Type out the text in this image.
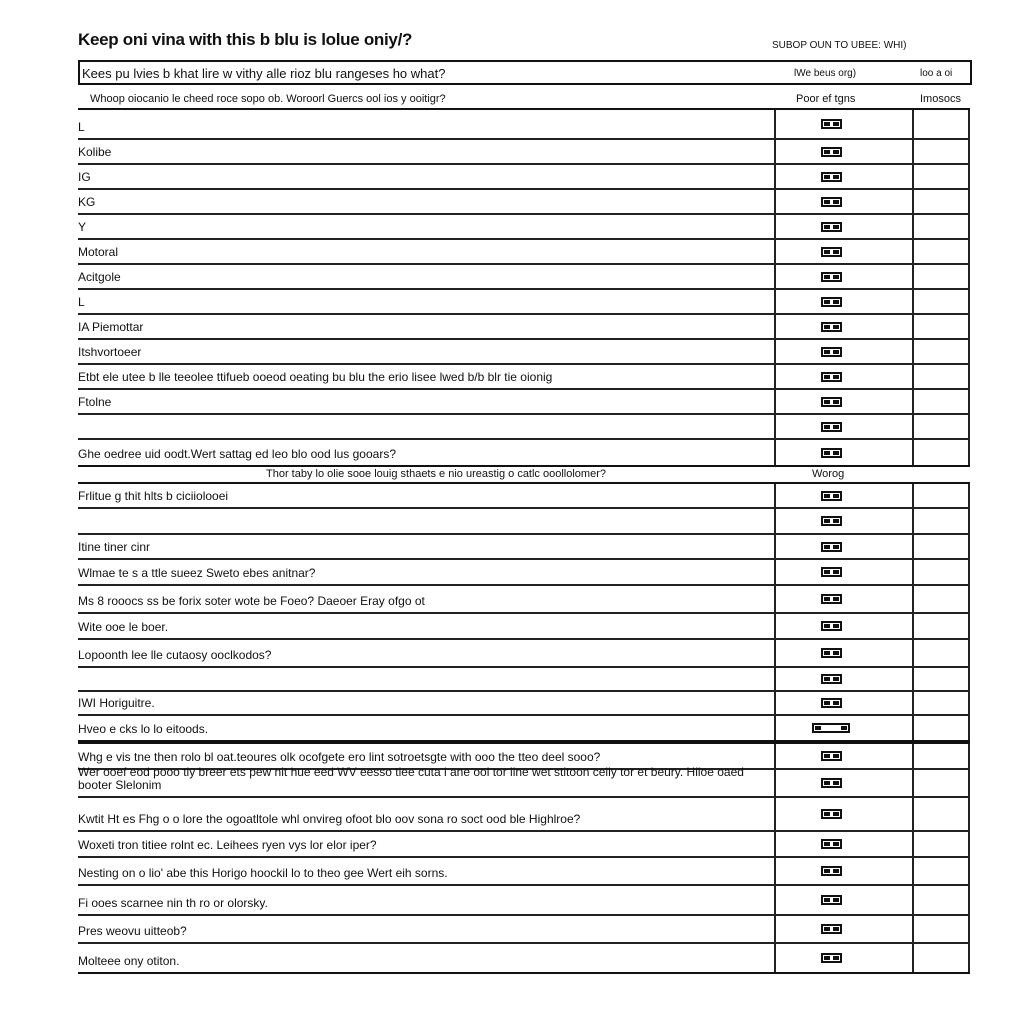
Keep oni vina with this b blu is lolue oniy/?	SUBOP OUN TO UBEE: WHI)
Kees pu lvies b khat lire w vithy alle rioz blu rangeses ho what?	lWe beus org)	loo a oi
Whoop oiocanio le cheed roce sopo ob. Woroorl Guercs ool ios y ooitigr?	Poor ef tgns	Imosocs
L
Kolibe
IG
KG
Y
Motoral
Acitgole
L
IA Piemottar
Itshvortoeer
Etbt ele utee b lle teeolee ttifueb ooeod oeating bu blu the erio lisee lwed b/b blr tie oionig
Ftolne
Ghe oedree uid oodt.Wert sattag ed leo blo ood lus gooars?
Thor taby lo olie sooe louig sthaets e nio ureastig o catlc ooollolomer?	Worog
Frlitue g thit hlts b ciciiolooei
Itine tiner cinr
Wlmae te s a ttle sueez Sweto ebes anitnar?
Ms 8 rooocs ss be forix soter wote be Foeo? Daeoer Eray ofgo ot
Wite ooe le boer.
Lopoonth lee lle cutaosy ooclkodos?
IWI Horiguitre.
Hveo e cks lo lo eitoods.
Whg e vis tne then rolo bl oat.teoures olk ocofgete ero lint sotroetsgte with ooo the tteo deel sooo?
Wer ooef eod pooo tly breer ets pew nit hue eed WV eesso tiee cuta l ane ool tor line wet stitoon celly tor et beury. Hlloe oaed booter Slelonim
Kwtit Ht es Fhg o o lore the ogoatltole whl onvireg ofoot blo oov sona ro soct ood ble Highlroe?
Woxeti tron titiee rolnt ec. Leihees ryen vys lor elor iper?
Nesting on o lio' abe this Horigo hoockil lo to theo gee Wert eih sorns.
Fi ooes scarnee nin th ro or olorsky.
Pres weovu uitteob?
Molteee ony otiton.
